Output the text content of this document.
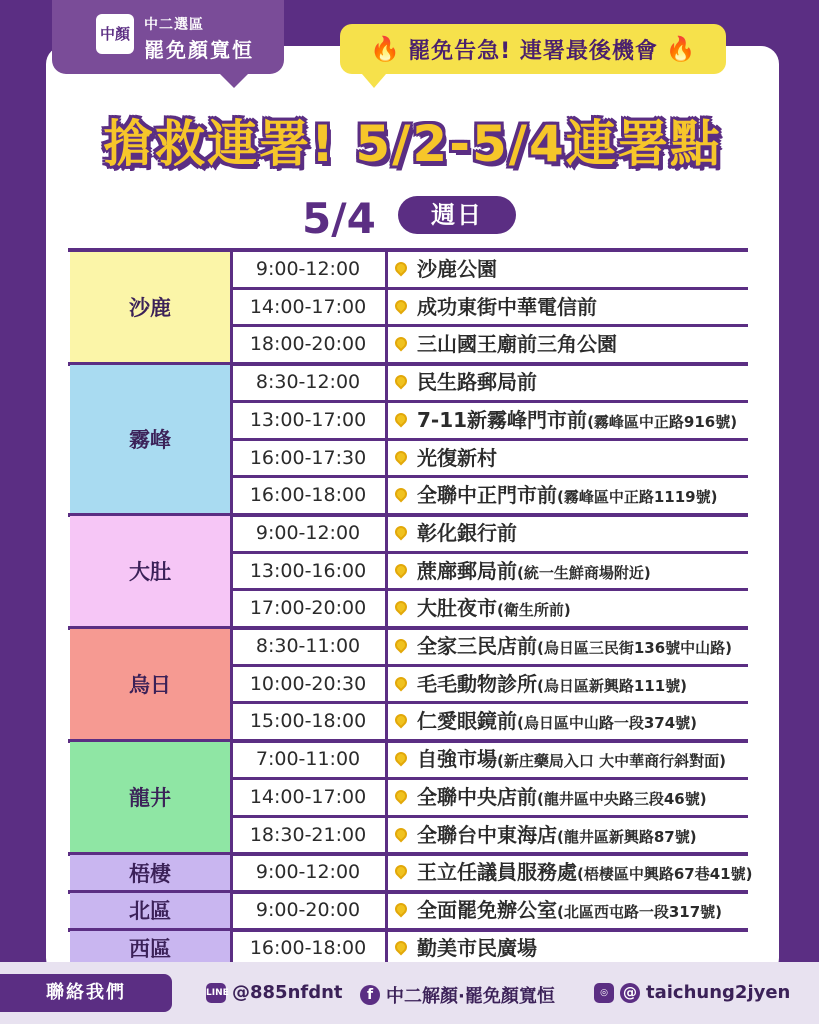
中顏 中二選區
罷免顏寬恒	🔥 罷免告急! 連署最後機會 🔥
搶救連署! 5/2-5/4連署點
5/4	週日
沙鹿
9:00-12:00	沙鹿公園
14:00-17:00	成功東街中華電信前
18:00-20:00	三山國王廟前三角公園
霧峰
8:30-12:00	民生路郵局前
13:00-17:00	7-11新霧峰門市前(霧峰區中正路916號)
16:00-17:30	光復新村
16:00-18:00	全聯中正門市前(霧峰區中正路1119號)
大肚
9:00-12:00	彰化銀行前
13:00-16:00	蔗廍郵局前(統一生鮮商場附近)
17:00-20:00	大肚夜市(衛生所前)
烏日
8:30-11:00	全家三民店前(烏日區三民街136號中山路)
10:00-20:30	毛毛動物診所(烏日區新興路111號)
15:00-18:00	仁愛眼鏡前(烏日區中山路一段374號)
龍井
7:00-11:00	自強市場(新庄藥局入口 大中華商行斜對面)
14:00-17:00	全聯中央店前(龍井區中央路三段46號)
18:30-21:00	全聯台中東海店(龍井區新興路87號)
梧棲	9:00-12:00	王立任議員服務處(梧棲區中興路67巷41號)
北區	9:00-20:00	全面罷免辦公室(北區西屯路一段317號)
西區	16:00-18:00	勤美市民廣場
聯絡我們	LINE @885nfdnt	f 中二解顏·罷免顏寬恒	◎	@ taichung2jyen
